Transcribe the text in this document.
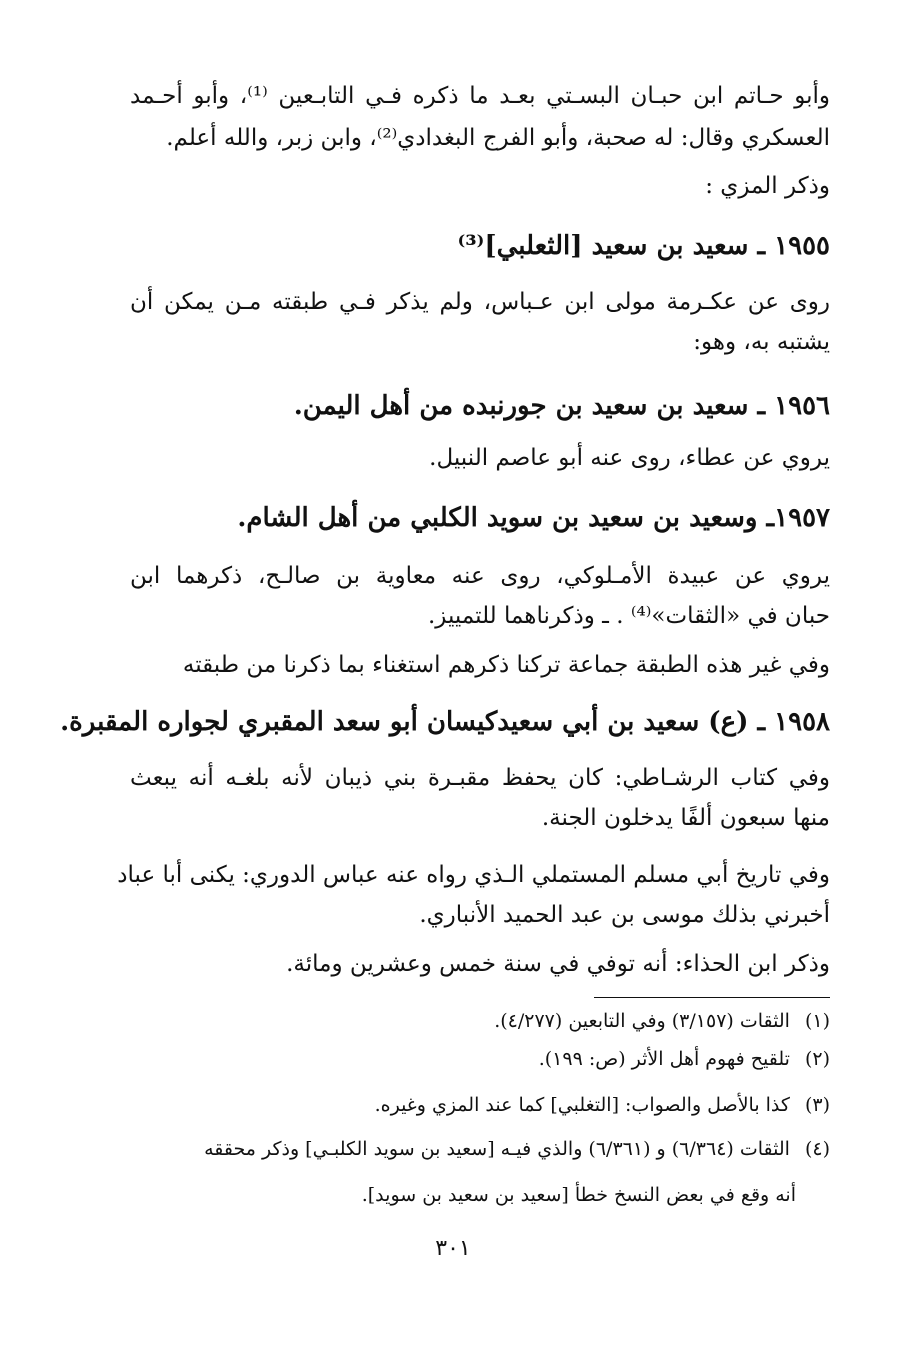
وأبو حـاتم ابن حبـان البسـتي بعـد ما ذكره فـي التابـعين ⁽¹⁾، وأبو أحـمد
العسكري وقال: له صحبة، وأبو الفرج البغدادي⁽²⁾، وابن زبر، والله أعلم.
وذكر المزي :
١٩٥٥ ـ سعيد بن سعيد [الثعلبي]⁽³⁾
روى عن عكـرمة مولى ابن عـباس، ولم يذكر فـي طبقته مـن يمكن أن
يشتبه به، وهو:
١٩٥٦ ـ سعيد بن سعيد بن جورنبده من أهل اليمن.
يروي عن عطاء، روى عنه أبو عاصم النبيل.
١٩٥٧ـ وسعيد بن سعيد بن سويد الكلبي من أهل الشام.
يروي عن عبيدة الأمـلوكي، روى عنه معاوية بن صالـح، ذكرهما ابن
حبان في «الثقات»⁽⁴⁾ . ـ وذكرناهما للتمييز.
وفي غير هذه الطبقة جماعة تركنا ذكرهم استغناء بما ذكرنا من طبقته
١٩٥٨ ـ (ع) سعيد بن أبي سعيدكيسان أبو سعد المقبري لجواره المقبرة.
وفي كتاب الرشـاطي: كان يحفظ مقبـرة بني ذيبان لأنه بلغـه أنه يبعث
منها سبعون ألفًا يدخلون الجنة.
وفي تاريخ أبي مسلم المستملي الـذي رواه عنه عباس الدوري: يكنى أبا عباد
أخبرني بذلك موسى بن عبد الحميد الأنباري.
وذكر ابن الحذاء: أنه توفي في سنة خمس وعشرين ومائة.
(١) الثقات (٣/١٥٧) وفي التابعين (٤/٢٧٧).
(٢) تلقيح فهوم أهل الأثر (ص: ١٩٩).
(٣) كذا بالأصل والصواب: [التغلبي] كما عند المزي وغيره.
(٤) الثقات (٦/٣٦٤) و (٦/٣٦١) والذي فيـه [سعيد بن سويد الكلبـي] وذكر محققه
أنه وقع في بعض النسخ خطأ [سعيد بن سعيد بن سويد].
٣٠١
